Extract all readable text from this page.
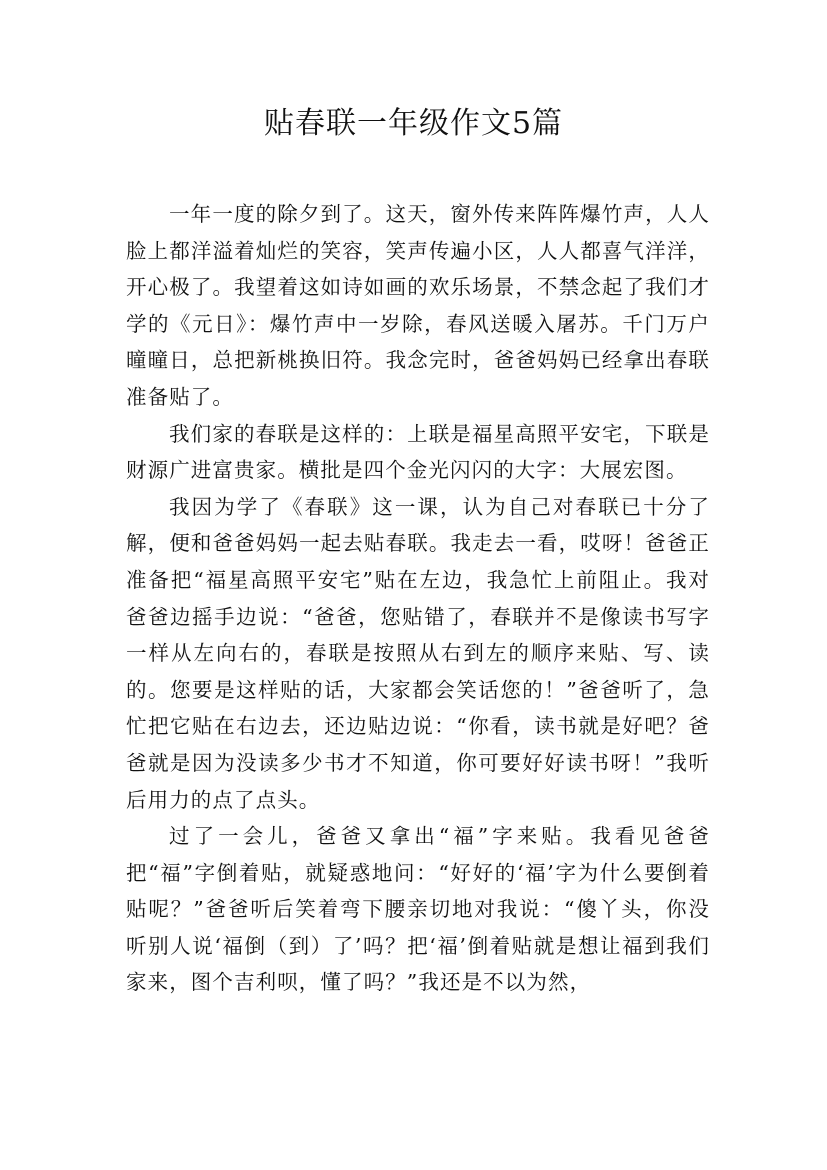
贴春联一年级作文5篇

一年一度的除夕到了。这天，窗外传来阵阵爆竹声，人人脸上都洋溢着灿烂的笑容，笑声传遍小区，人人都喜气洋洋，开心极了。我望着这如诗如画的欢乐场景，不禁念起了我们才学的《元日》：爆竹声中一岁除，春风送暖入屠苏。千门万户曈曈日，总把新桃换旧符。我念完时，爸爸妈妈已经拿出春联准备贴了。

我们家的春联是这样的：上联是福星高照平安宅，下联是财源广进富贵家。横批是四个金光闪闪的大字：大展宏图。

我因为学了《春联》这一课，认为自己对春联已十分了解，便和爸爸妈妈一起去贴春联。我走去一看，哎呀！爸爸正准备把“福星高照平安宅”贴在左边，我急忙上前阻止。我对爸爸边摇手边说：“爸爸，您贴错了，春联并不是像读书写字一样从左向右的，春联是按照从右到左的顺序来贴、写、读的。您要是这样贴的话，大家都会笑话您的！”爸爸听了，急忙把它贴在右边去，还边贴边说：“你看，读书就是好吧？爸爸就是因为没读多少书才不知道，你可要好好读书呀！”我听后用力的点了点头。

过了一会儿，爸爸又拿出“福”字来贴。我看见爸爸把“福”字倒着贴，就疑惑地问：“好好的‘福’字为什么要倒着贴呢？”爸爸听后笑着弯下腰亲切地对我说：“傻丫头，你没听别人说‘福倒（到）了’吗？把‘福’倒着贴就是想让福到我们家来，图个吉利呗，懂了吗？”我还是不以为然，
